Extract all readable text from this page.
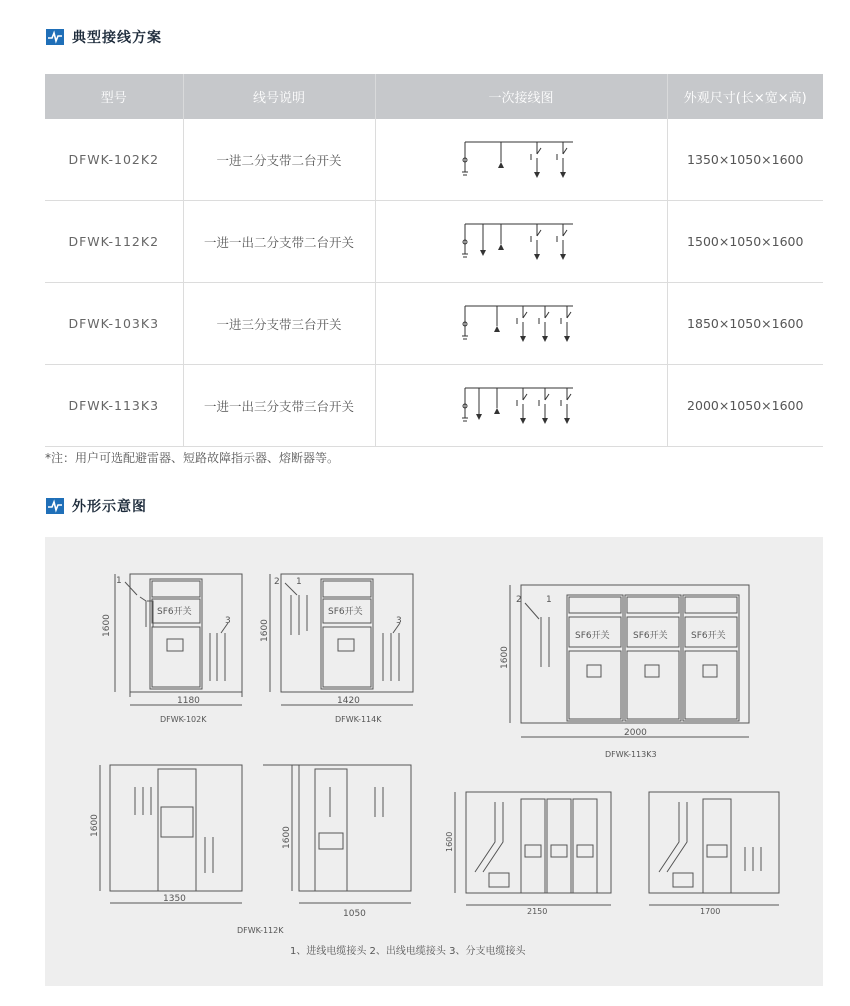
典型接线方案
型号	线号说明	一次接线图	外观尺寸(长×宽×高)
DFWK-102K2	一进二分支带二台开关		1350×1050×1600
DFWK-112K2	一进一出二分支带二台开关		1500×1050×1600
DFWK-103K3	一进三分支带三台开关		1850×1050×1600
DFWK-113K3	一进一出三分支带三台开关		2000×1050×1600
*注：用户可选配避雷器、短路故障指示器、熔断器等。
外形示意图
1600
1180
DFWK-102K
SF6开关
1
3	1600
1420
DFWK-114K
SF6开关
2 1
3
1600
2000
DFWK-113K3
SF6开关	SF6开关	SF6开关
2	1
1600
1350
1600
1050
DFWK-112K
1600
2150	1700
1、进线电缆接头 2、出线电缆接头 3、分支电缆接头
